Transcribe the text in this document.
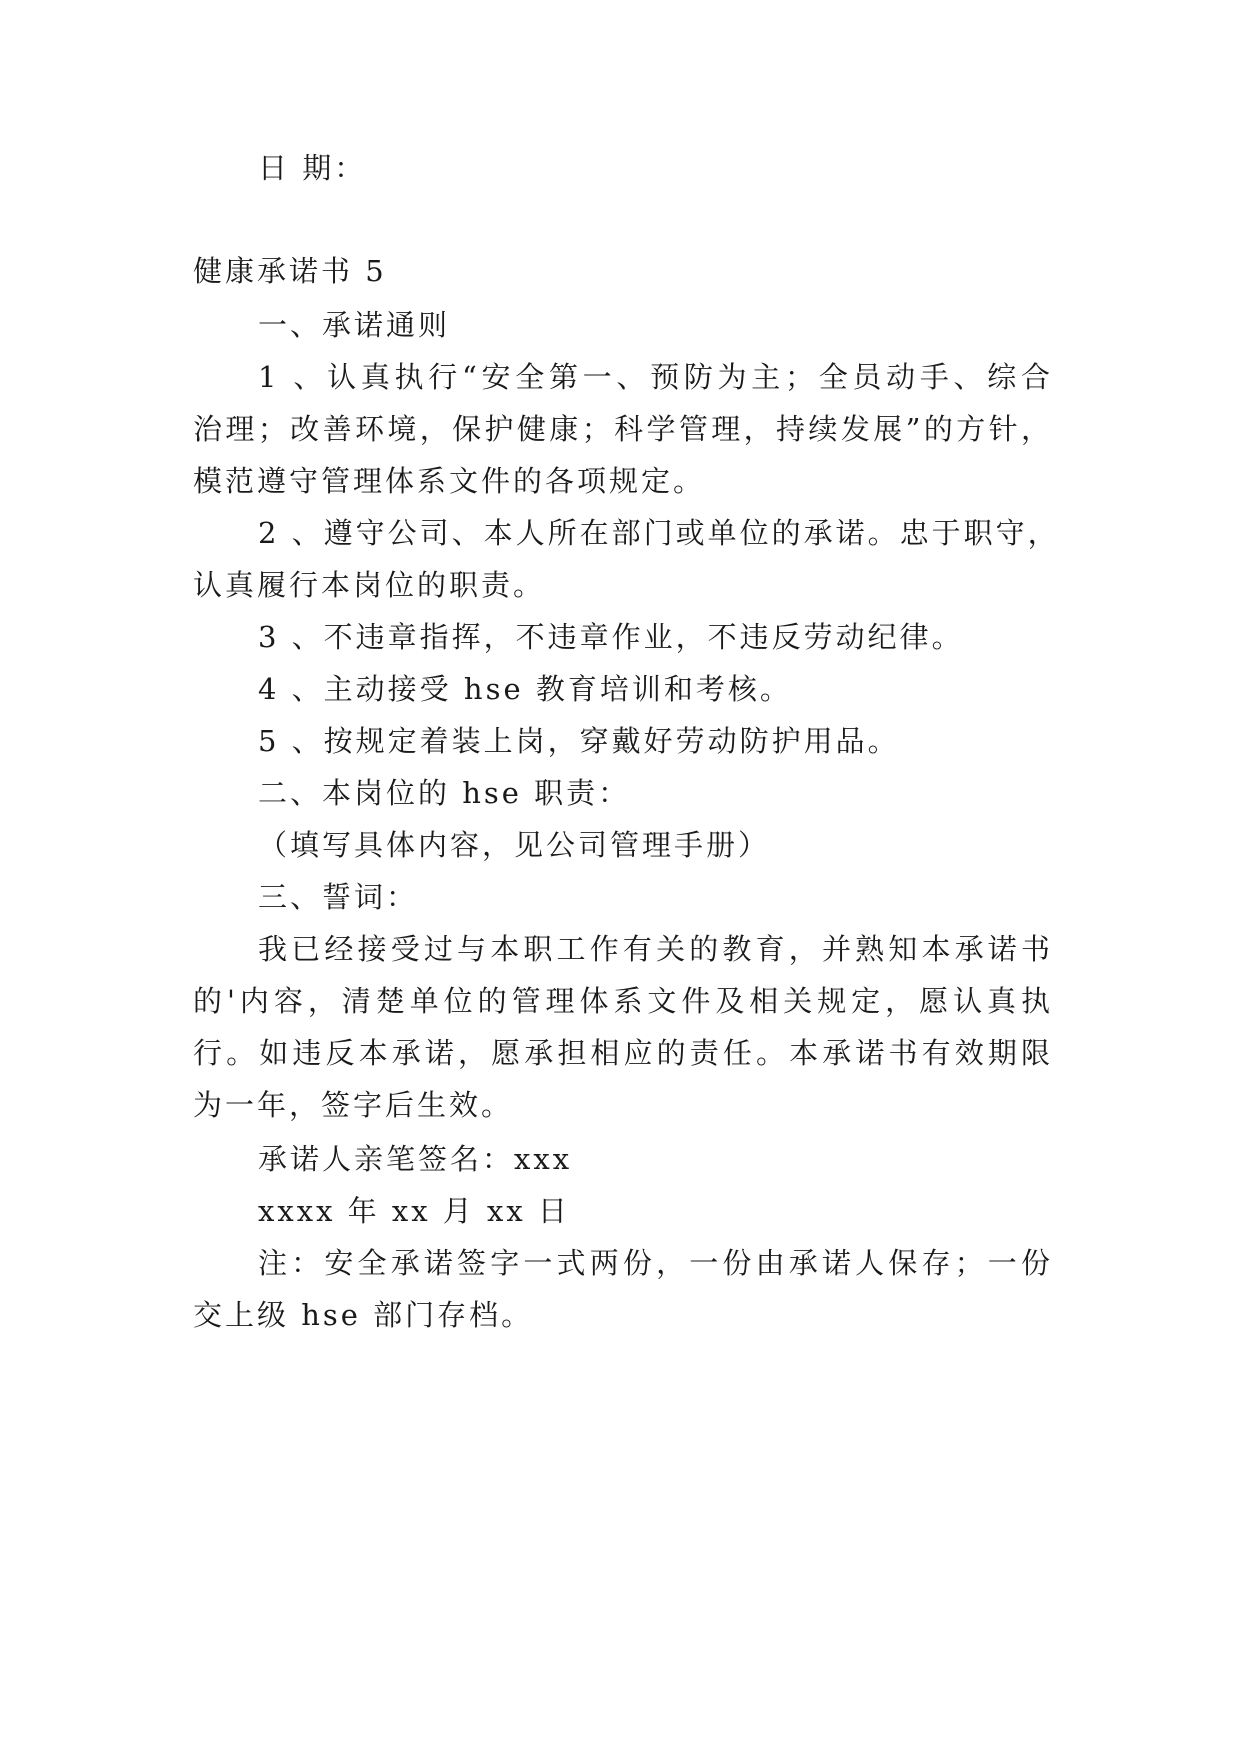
日 期：
健康承诺书 5
一、承诺通则
1 、认真执行“安全第一、预防为主；全员动手、综合
治理；改善环境，保护健康；科学管理，持续发展”的方针，
模范遵守管理体系文件的各项规定。
2 、遵守公司、本人所在部门或单位的承诺。忠于职守，
认真履行本岗位的职责。
3 、不违章指挥，不违章作业，不违反劳动纪律。
4 、主动接受 hse 教育培训和考核。
5 、按规定着装上岗，穿戴好劳动防护用品。
二、本岗位的 hse 职责：
（填写具体内容，见公司管理手册）
三、誓词：
我已经接受过与本职工作有关的教育，并熟知本承诺书
的'内容，清楚单位的管理体系文件及相关规定，愿认真执
行。如违反本承诺，愿承担相应的责任。本承诺书有效期限
为一年，签字后生效。
承诺人亲笔签名：xxx
xxxx 年 xx 月 xx 日
注：安全承诺签字一式两份，一份由承诺人保存；一份
交上级 hse 部门存档。
